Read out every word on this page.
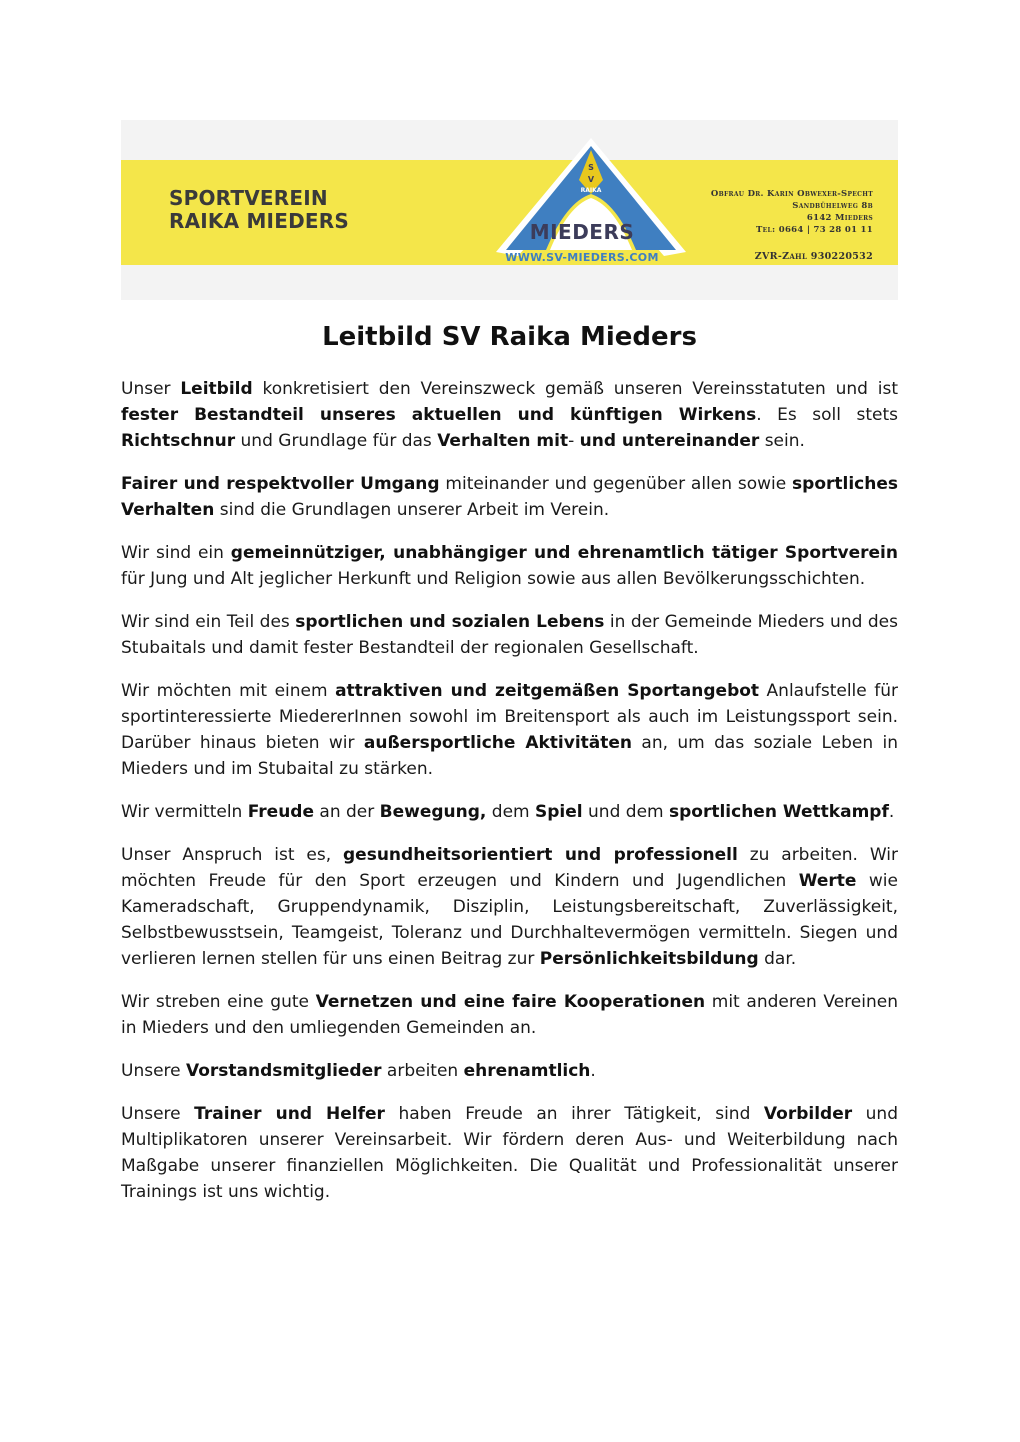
SPORTVEREIN
RAIKA MIEDERS
S
V
RAIKA
MIEDERS
WWW.SV-MIEDERS.COM
Obfrau Dr. Karin Obwexer-Specht
Sandbühelweg 8b
6142 Mieders
Tel: 0664 | 73 28 01 11
ZVR-Zahl 930220532
Leitbild SV Raika Mieders

Unser Leitbild konkretisiert den Vereinszweck gemäß unseren Vereinsstatuten und ist fester Bestandteil unseres aktuellen und künftigen Wirkens. Es soll stets Richtschnur und Grundlage für das Verhalten mit- und untereinander sein.

Fairer und respektvoller Umgang miteinander und gegenüber allen sowie sportliches Verhalten sind die Grundlagen unserer Arbeit im Verein.

Wir sind ein gemeinnütziger, unabhängiger und ehrenamtlich tätiger Sportverein für Jung und Alt jeglicher Herkunft und Religion sowie aus allen Bevölkerungsschichten.

Wir sind ein Teil des sportlichen und sozialen Lebens in der Gemeinde Mieders und des Stubaitals und damit fester Bestandteil der regionalen Gesellschaft.

Wir möchten mit einem attraktiven und zeitgemäßen Sportangebot Anlaufstelle für sportinteressierte MiedererInnen sowohl im Breitensport als auch im Leistungssport sein. Darüber hinaus bieten wir außersportliche Aktivitäten an, um das soziale Leben in Mieders und im Stubaital zu stärken.

Wir vermitteln Freude an der Bewegung, dem Spiel und dem sportlichen Wettkampf.

Unser Anspruch ist es, gesundheitsorientiert und professionell zu arbeiten. Wir möchten Freude für den Sport erzeugen und Kindern und Jugendlichen Werte wie Kameradschaft, Gruppendynamik, Disziplin, Leistungsbereitschaft, Zuverlässigkeit, Selbstbewusstsein, Teamgeist, Toleranz und Durchhaltevermögen vermitteln. Siegen und verlieren lernen stellen für uns einen Beitrag zur Persönlichkeitsbildung dar.

Wir streben eine gute Vernetzen und eine faire Kooperationen mit anderen Vereinen in Mieders und den umliegenden Gemeinden an.

Unsere Vorstandsmitglieder arbeiten ehrenamtlich.

Unsere Trainer und Helfer haben Freude an ihrer Tätigkeit, sind Vorbilder und Multiplikatoren unserer Vereinsarbeit. Wir fördern deren Aus- und Weiterbildung nach Maßgabe unserer finanziellen Möglichkeiten. Die Qualität und Professionalität unserer Trainings ist uns wichtig.
